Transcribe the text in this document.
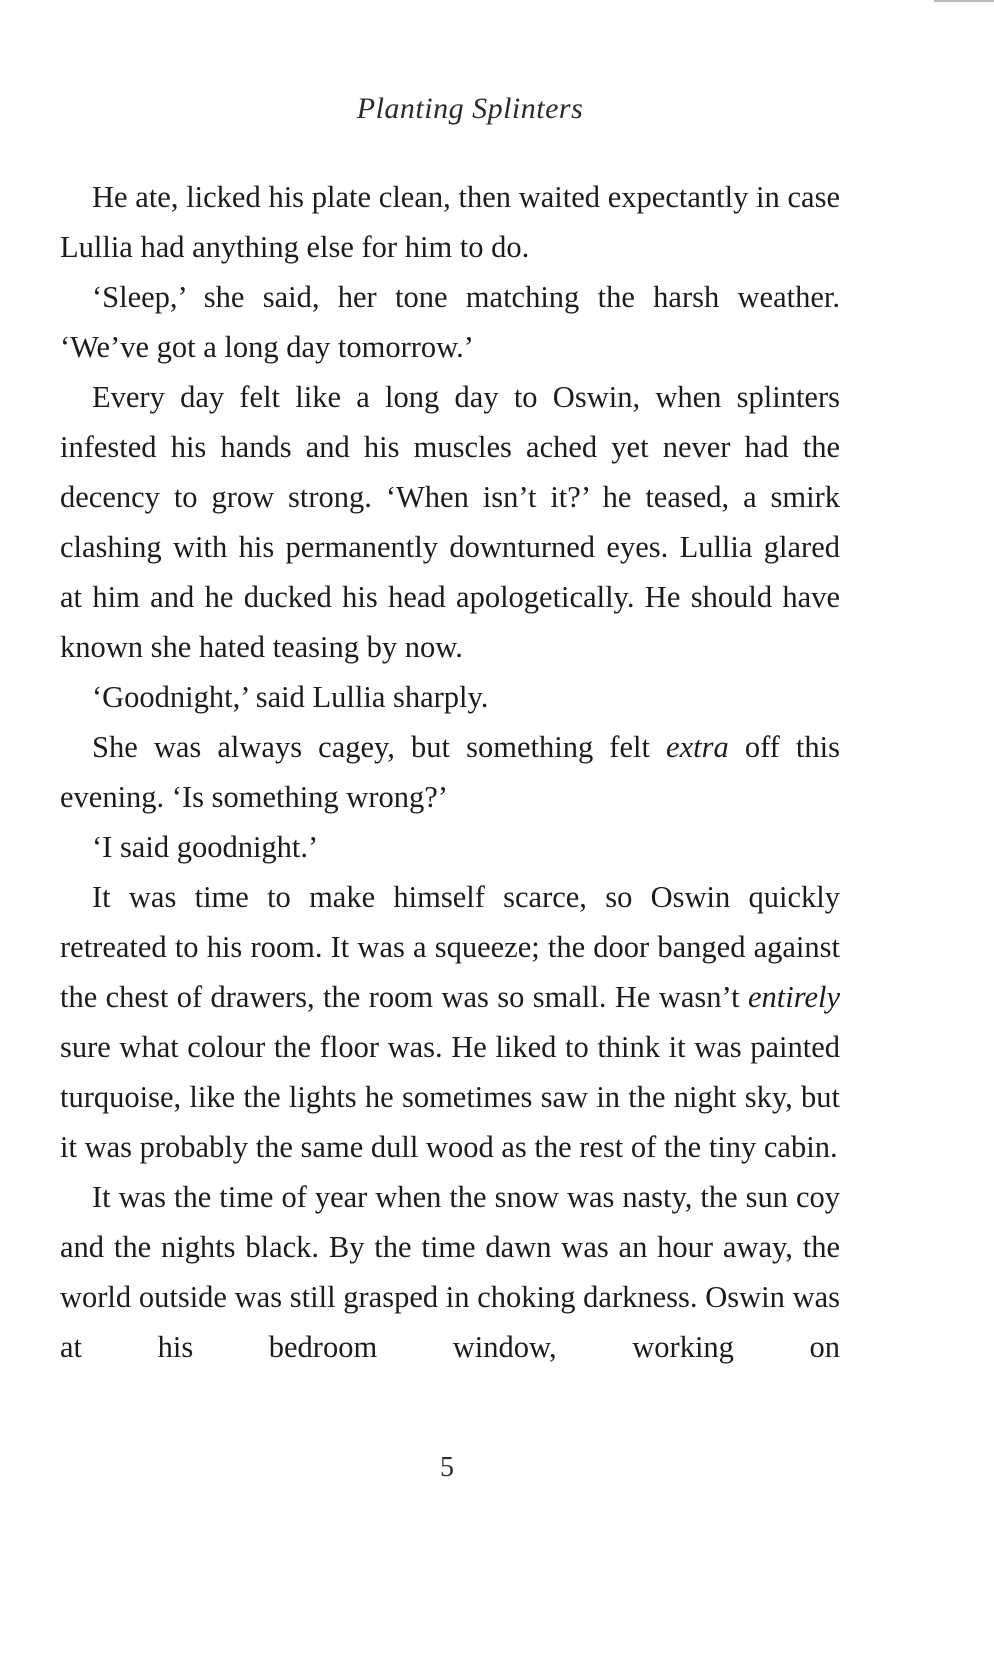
Planting Splinters

He ate, licked his plate clean, then waited expectantly in case Lullia had anything else for him to do.

‘Sleep,’ she said, her tone matching the harsh weather. ‘We’ve got a long day tomorrow.’

Every day felt like a long day to Oswin, when splinters infested his hands and his muscles ached yet never had the decency to grow strong. ‘When isn’t it?’ he teased, a smirk clashing with his permanently downturned eyes. Lullia glared at him and he ducked his head apologetically. He should have known she hated teasing by now.

‘Goodnight,’ said Lullia sharply.

She was always cagey, but something felt extra off this evening. ‘Is something wrong?’

‘I said goodnight.’

It was time to make himself scarce, so Oswin quickly retreated to his room. It was a squeeze; the door banged against the chest of drawers, the room was so small. He wasn’t entirely sure what colour the floor was. He liked to think it was painted turquoise, like the lights he sometimes saw in the night sky, but it was probably the same dull wood as the rest of the tiny cabin.

It was the time of year when the snow was nasty, the sun coy and the nights black. By the time dawn was an hour away, the world outside was still grasped in choking darkness. Oswin was at his bedroom window, working on

5
